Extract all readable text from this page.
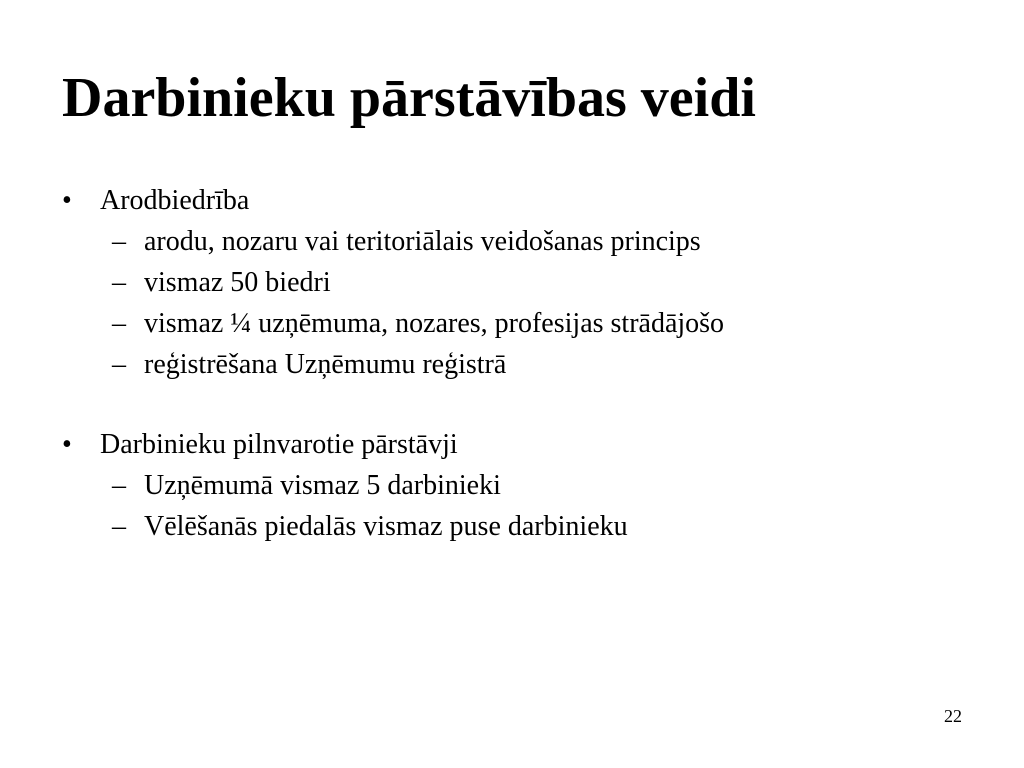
Darbinieku pārstāvības veidi
•	Arodbiedrība
– arodu, nozaru vai teritoriālais veidošanas princips
– vismaz 50 biedri
– vismaz ¼ uzņēmuma, nozares, profesijas strādājošo
– reģistrēšana Uzņēmumu reģistrā
•	Darbinieku pilnvarotie pārstāvji
– Uzņēmumā vismaz 5 darbinieki
– Vēlēšanās piedalās vismaz puse darbinieku
22
